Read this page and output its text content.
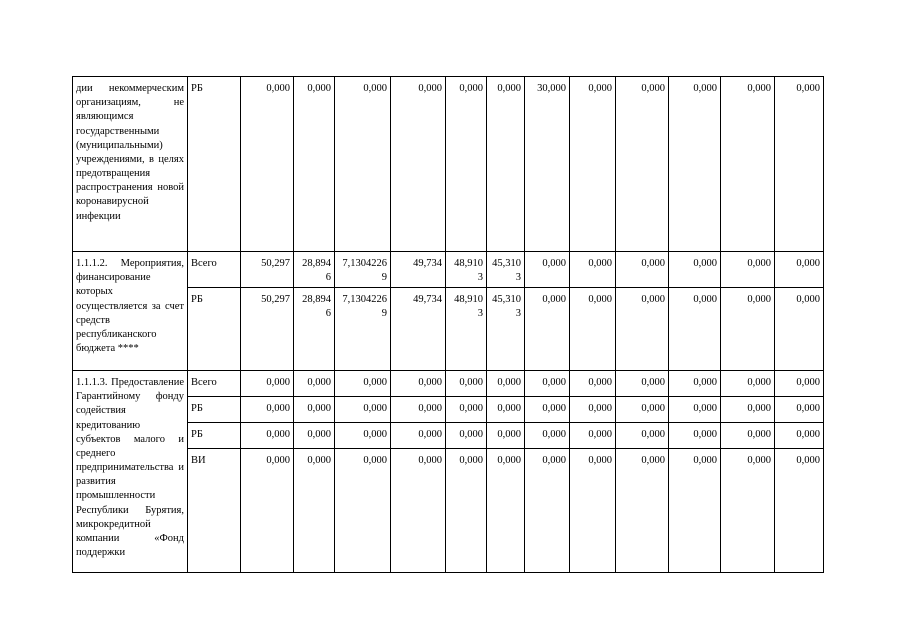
дии некоммерческим организациям, не являющимся государственными (муниципальными) учреждениями, в целях предотвращения распространения новой коронавирусной инфекции	РБ	0,000	0,000	0,000	0,000	0,000	0,000	30,000	0,000	0,000	0,000	0,000	0,000
1.1.1.2. Мероприятия, финансирование которых осуществляется за счет средств республиканского бюджета ****	Всего	50,297	28,8946	7,13042269	49,734	48,9103	45,3103	0,000	0,000	0,000	0,000	0,000	0,000
	РБ	50,297	28,8946	7,13042269	49,734	48,9103	45,3103	0,000	0,000	0,000	0,000	0,000	0,000
1.1.1.3. Предоставление Гарантийному фонду содействия кредитованию субъектов малого и среднего предпринимательства и развития промышленности Республики Бурятия, микрокредитной компании «Фонд поддержки	Всего	0,000	0,000	0,000	0,000	0,000	0,000	0,000	0,000	0,000	0,000	0,000	0,000
	РБ	0,000	0,000	0,000	0,000	0,000	0,000	0,000	0,000	0,000	0,000	0,000	0,000
	РБ	0,000	0,000	0,000	0,000	0,000	0,000	0,000	0,000	0,000	0,000	0,000	0,000
	ВИ	0,000	0,000	0,000	0,000	0,000	0,000	0,000	0,000	0,000	0,000	0,000	0,000
